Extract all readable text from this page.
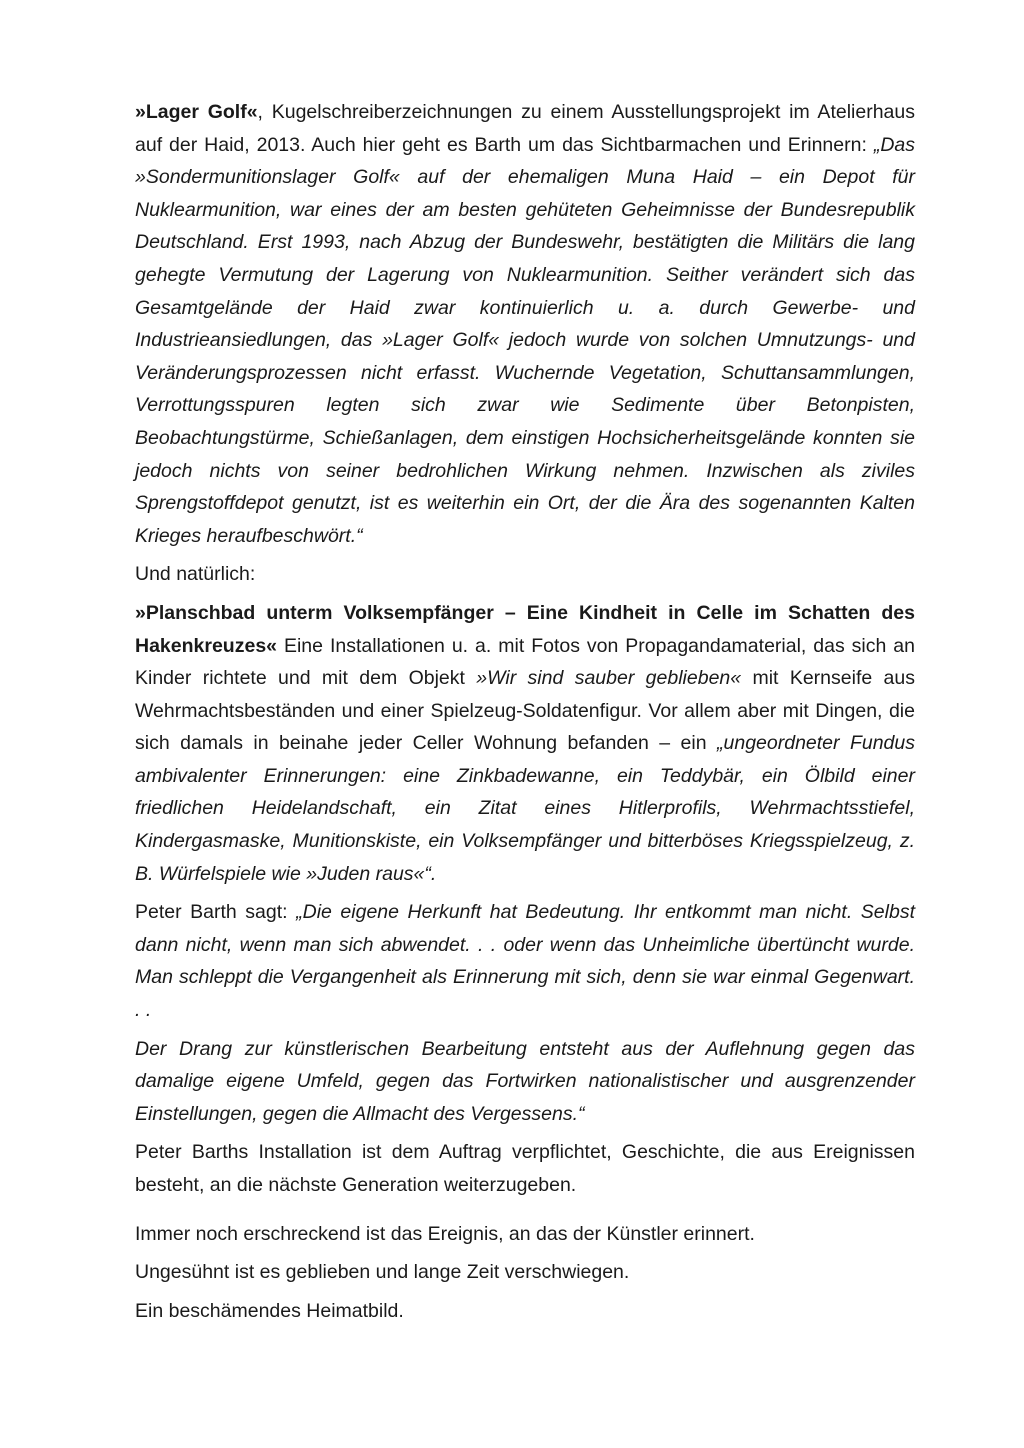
»Lager Golf«, Kugelschreiberzeichnungen zu einem Ausstellungsprojekt im Atelierhaus auf der Haid, 2013. Auch hier geht es Barth um das Sichtbarmachen und Erinnern: „Das »Sondermunitionslager Golf« auf der ehemaligen Muna Haid – ein Depot für Nuklearmunition, war eines der am besten gehüteten Geheimnisse der Bundesrepublik Deutschland. Erst 1993, nach Abzug der Bundeswehr, bestätigten die Militärs die lang gehegte Vermutung der Lagerung von Nuklearmunition. Seither verändert sich das Gesamtgelände der Haid zwar kontinuierlich u. a. durch Gewerbe- und Industrieansiedlungen, das »Lager Golf« jedoch wurde von solchen Umnutzungs- und Veränderungsprozessen nicht erfasst. Wuchernde Vegetation, Schuttansammlungen, Verrottungsspuren legten sich zwar wie Sedimente über Betonpisten, Beobachtungstürme, Schießanlagen, dem einstigen Hochsicherheitsgelände konnten sie jedoch nichts von seiner bedrohlichen Wirkung nehmen. Inzwischen als ziviles Sprengstoffdepot genutzt, ist es weiterhin ein Ort, der die Ära des sogenannten Kalten Krieges heraufbeschwört.“

Und natürlich:

»Planschbad unterm Volksempfänger – Eine Kindheit in Celle im Schatten des Hakenkreuzes« Eine Installationen u. a. mit Fotos von Propagandamaterial, das sich an Kinder richtete und mit dem Objekt »Wir sind sauber geblieben« mit Kernseife aus Wehrmachtsbeständen und einer Spielzeug-Soldatenfigur. Vor allem aber mit Dingen, die sich damals in beinahe jeder Celler Wohnung befanden – ein „ungeordneter Fundus ambivalenter Erinnerungen: eine Zinkbadewanne, ein Teddybär, ein Ölbild einer friedlichen Heidelandschaft, ein Zitat eines Hitlerprofils, Wehrmachtsstiefel, Kindergasmaske, Munitionskiste, ein Volksempfänger und bitterböses Kriegsspielzeug, z. B. Würfelspiele wie »Juden raus«“.

Peter Barth sagt: „Die eigene Herkunft hat Bedeutung. Ihr entkommt man nicht. Selbst dann nicht, wenn man sich abwendet. . . oder wenn das Unheimliche übertüncht wurde. Man schleppt die Vergangenheit als Erinnerung mit sich, denn sie war einmal Gegenwart. . .

Der Drang zur künstlerischen Bearbeitung entsteht aus der Auflehnung gegen das damalige eigene Umfeld, gegen das Fortwirken nationalistischer und ausgrenzender Einstellungen, gegen die Allmacht des Vergessens.“

Peter Barths Installation ist dem Auftrag verpflichtet, Geschichte, die aus Ereignissen besteht, an die nächste Generation weiterzugeben.

Immer noch erschreckend ist das Ereignis, an das der Künstler erinnert.

Ungesühnt ist es geblieben und lange Zeit verschwiegen.

Ein beschämendes Heimatbild.
